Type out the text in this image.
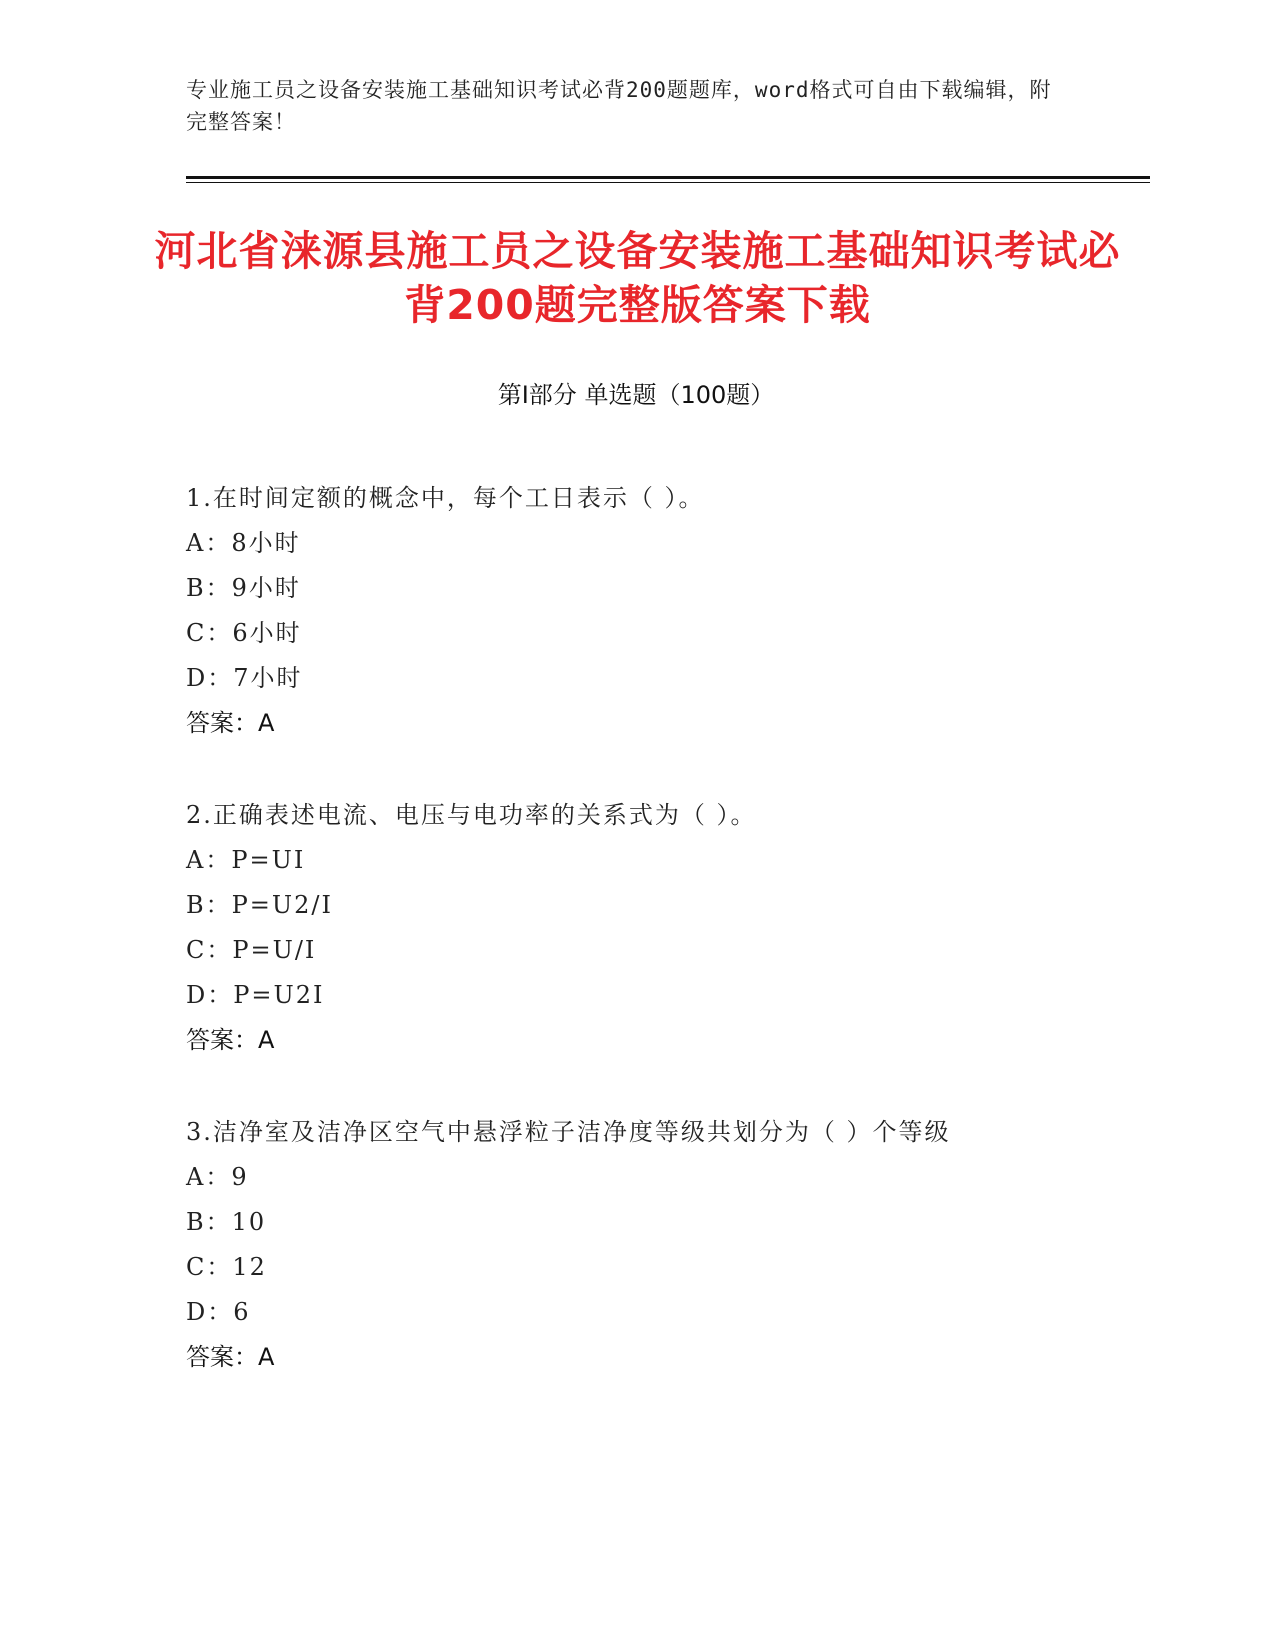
专业施工员之设备安装施工基础知识考试必背200题题库，word格式可自由下载编辑，附完整答案！
河北省涞源县施工员之设备安装施工基础知识考试必背200题完整版答案下载
第Ⅰ部分 单选题（100题）
1.在时间定额的概念中，每个工日表示（ ）。
A：8小时
B：9小时
C：6小时
D：7小时
答案：A
2.正确表述电流、电压与电功率的关系式为（ ）。
A：P=UI
B：P=U2/I
C：P=U/I
D：P=U2I
答案：A
3.洁净室及洁净区空气中悬浮粒子洁净度等级共划分为（ ）个等级
A：9
B：10
C：12
D：6
答案：A
